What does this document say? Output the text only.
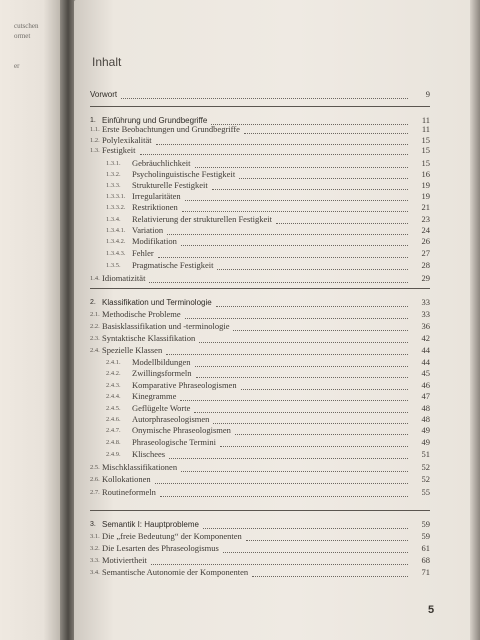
cutschen
ormet
er	Inhalt
Vorwort	9
1. Einführung und Grundbegriffe	11
1.1. Erste Beobachtungen und Grundbegriffe	11
1.2. Polylexikalität	15
1.3. Festigkeit	15
1.3.1. Gebräuchlichkeit	15
1.3.2. Psycholinguistische Festigkeit	16
1.3.3. Strukturelle Festigkeit	19
1.3.3.1. Irregularitäten	19
1.3.3.2. Restriktionen	21
1.3.4. Relativierung der strukturellen Festigkeit	23
1.3.4.1. Variation	24
1.3.4.2. Modifikation	26
1.3.4.3. Fehler	27
1.3.5. Pragmatische Festigkeit	28
1.4. Idiomatizität	29
2. Klassifikation und Terminologie	33
2.1. Methodische Probleme	33
2.2. Basisklassifikation und -terminologie	36
2.3. Syntaktische Klassifikation	42
2.4. Spezielle Klassen	44
2.4.1. Modellbildungen	44
2.4.2. Zwillingsformeln	45
2.4.3. Komparative Phraseologismen	46
2.4.4. Kinegramme	47
2.4.5. Geflügelte Worte	48
2.4.6. Autorphraseologismen	48
2.4.7. Onymische Phraseologismen	49
2.4.8. Phraseologische Termini	49
2.4.9. Klischees	51
2.5. Mischklassifikationen	52
2.6. Kollokationen	52
2.7. Routineformeln	55
3. Semantik I: Hauptprobleme	59
3.1. Die „freie Bedeutung“ der Komponenten	59
3.2. Die Lesarten des Phraseologismus	61
3.3. Motiviertheit	68
3.4. Semantische Autonomie der Komponenten	71
5
